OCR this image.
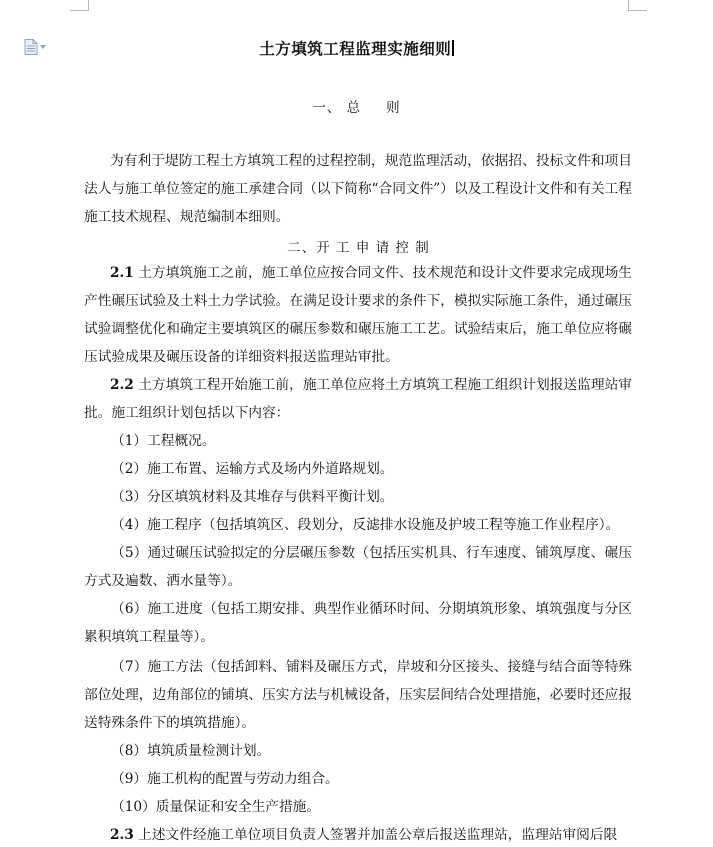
土方填筑工程监理实施细则
一、 总 　 则

为有利于堤防工程土方填筑工程的过程控制，规范监理活动，依据招、投标文件和项目法人与施工单位签定的施工承建合同（以下简称“合同文件”）以及工程设计文件和有关工程施工技术规程、规范编制本细则。

二、开 工 申 请 控 制

2.1 土方填筑施工之前，施工单位应按合同文件、技术规范和设计文件要求完成现场生产性碾压试验及土料土力学试验。在满足设计要求的条件下，模拟实际施工条件，通过碾压试验调整优化和确定主要填筑区的碾压参数和碾压施工工艺。试验结束后，施工单位应将碾压试验成果及碾压设备的详细资料报送监理站审批。

2.2 土方填筑工程开始施工前，施工单位应将土方填筑工程施工组织计划报送监理站审批。施工组织计划包括以下内容：

（1）工程概况。

（2）施工布置、运输方式及场内外道路规划。

（3）分区填筑材料及其堆存与供料平衡计划。

（4）施工程序（包括填筑区、段划分，反滤排水设施及护坡工程等施工作业程序）。

（5）通过碾压试验拟定的分层碾压参数（包括压实机具、行车速度、铺筑厚度、碾压方式及遍数、洒水量等）。

（6）施工进度（包括工期安排、典型作业循环时间、分期填筑形象、填筑强度与分区累积填筑工程量等）。

（7）施工方法（包括卸料、铺料及碾压方式，岸坡和分区接头、接缝与结合面等特殊部位处理，边角部位的铺填、压实方法与机械设备，压实层间结合处理措施，必要时还应报送特殊条件下的填筑措施）。

（8）填筑质量检测计划。

（9）施工机构的配置与劳动力组合。

（10）质量保证和安全生产措施。

2.3 上述文件经施工单位项目负责人签署并加盖公章后报送监理站，监理站审阅后限
